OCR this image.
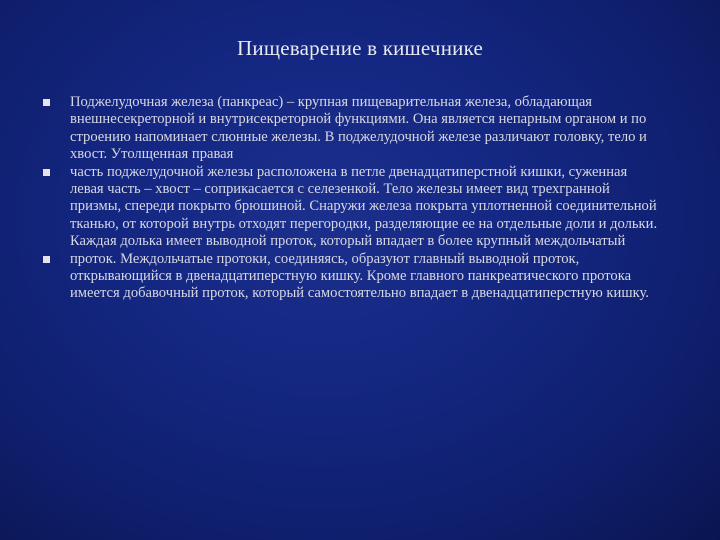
Пищеварение в кишечнике
Поджелудочная железа (панкреас) – крупная пищеварительная железа, обладающая внешнесекреторной и внутрисекреторной функциями. Она является непарным органом и по строению напоминает слюнные железы. В поджелудочной железе различают головку, тело и хвост. Утолщенная правая
часть поджелудочной железы расположена в петле двенадцатиперстной кишки, суженная левая часть – хвост – соприкасается с селезенкой. Тело железы имеет вид трехгранной призмы, спереди покрыто брюшиной. Снаружи железа покрыта уплотненной соединительной тканью, от которой внутрь отходят перегородки, разделяющие ее на отдельные доли и дольки. Каждая долька имеет выводной проток, который впадает в более крупный междольчатый
проток. Междольчатые протоки, соединяясь, образуют главный выводной проток, открывающийся в двенадцатиперстную кишку. Кроме главного панкреатического протока имеется добавочный проток, который самостоятельно впадает в двенадцатиперстную кишку.
